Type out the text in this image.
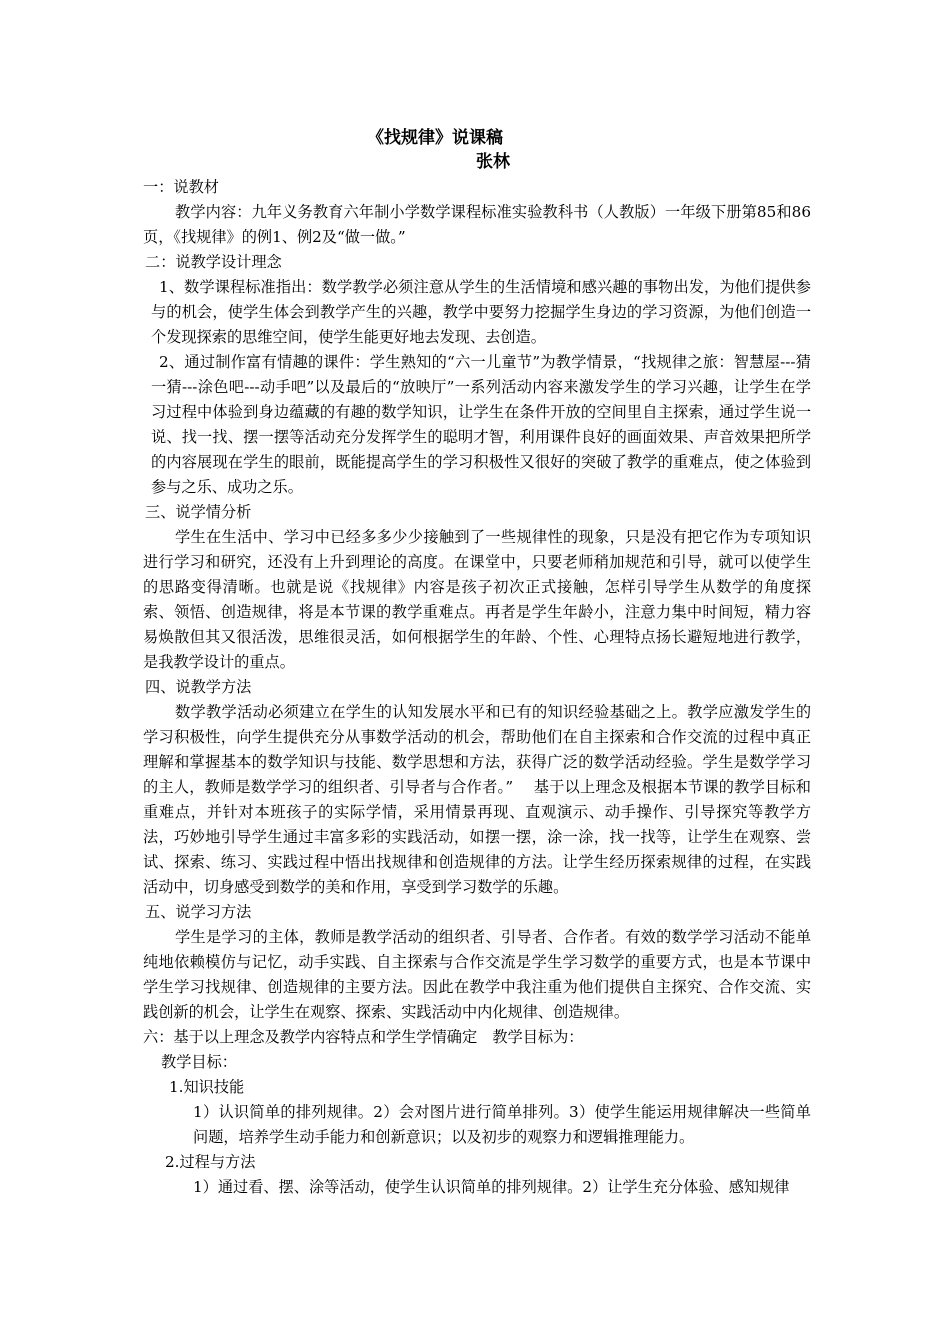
《找规律》说课稿
张林

一：说教材

教学内容：九年义务教育六年制小学数学课程标准实验教科书（人教版）一年级下册第85和86页，《找规律》的例1、例2及“做一做。”

二：说教学设计理念

1、数学课程标准指出：数学教学必须注意从学生的生活情境和感兴趣的事物出发，为他们提供参与的机会，使学生体会到教学产生的兴趣，教学中要努力挖掘学生身边的学习资源，为他们创造一个发现探索的思维空间，使学生能更好地去发现、去创造。

2、通过制作富有情趣的课件：学生熟知的“六一儿童节”为教学情景，“找规律之旅：智慧屋---猜一猜---涂色吧---动手吧”以及最后的“放映厅”一系列活动内容来激发学生的学习兴趣，让学生在学习过程中体验到身边蕴藏的有趣的数学知识，让学生在条件开放的空间里自主探索，通过学生说一说、找一找、摆一摆等活动充分发挥学生的聪明才智，利用课件良好的画面效果、声音效果把所学的内容展现在学生的眼前，既能提高学生的学习积极性又很好的突破了教学的重难点，使之体验到参与之乐、成功之乐。

三、说学情分析

学生在生活中、学习中已经多多少少接触到了一些规律性的现象，只是没有把它作为专项知识进行学习和研究，还没有上升到理论的高度。在课堂中，只要老师稍加规范和引导，就可以使学生的思路变得清晰。也就是说《找规律》内容是孩子初次正式接触，怎样引导学生从数学的角度探索、领悟、创造规律，将是本节课的教学重难点。再者是学生年龄小，注意力集中时间短，精力容易焕散但其又很活泼，思维很灵活，如何根据学生的年龄、个性、心理特点扬长避短地进行教学，是我教学设计的重点。

四、说教学方法

数学教学活动必须建立在学生的认知发展水平和已有的知识经验基础之上。教学应激发学生的学习积极性，向学生提供充分从事数学活动的机会，帮助他们在自主探索和合作交流的过程中真正理解和掌握基本的数学知识与技能、数学思想和方法，获得广泛的数学活动经验。学生是数学学习的主人，教师是数学学习的组织者、引导者与合作者。”　 基于以上理念及根据本节课的教学目标和重难点，并针对本班孩子的实际学情，采用情景再现、直观演示、动手操作、引导探究等教学方法，巧妙地引导学生通过丰富多彩的实践活动，如摆一摆，涂一涂，找一找等，让学生在观察、尝试、探索、练习、实践过程中悟出找规律和创造规律的方法。让学生经历探索规律的过程，在实践活动中，切身感受到数学的美和作用，享受到学习数学的乐趣。

五、说学习方法

学生是学习的主体，教师是教学活动的组织者、引导者、合作者。有效的数学学习活动不能单纯地依赖模仿与记忆，动手实践、自主探索与合作交流是学生学习数学的重要方式，也是本节课中学生学习找规律、创造规律的主要方法。因此在教学中我注重为他们提供自主探究、合作交流、实践创新的机会，让学生在观察、探索、实践活动中内化规律、创造规律。

六：基于以上理念及教学内容特点和学生学情确定　教学目标为：

教学目标：

1.知识技能

1）认识简单的排列规律。2）会对图片进行简单排列。3）使学生能运用规律解决一些简单问题，培养学生动手能力和创新意识；以及初步的观察力和逻辑推理能力。

2.过程与方法

1）通过看、摆、涂等活动，使学生认识简单的排列规律。2）让学生充分体验、感知规律
